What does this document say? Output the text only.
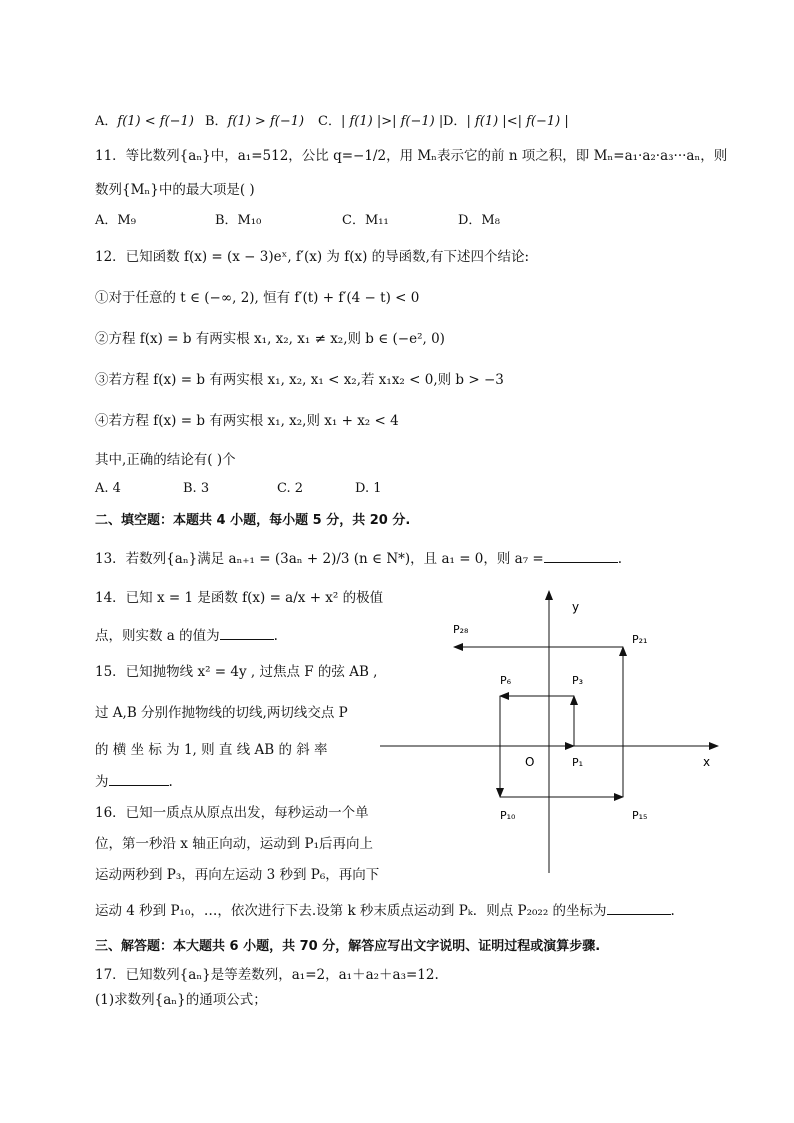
A．f(1) < f(−1) B．f(1) > f(−1) C．| f(1) |>| f(−1) | D．| f(1) |<| f(−1) |
11．等比数列{aₙ}中，a₁=512，公比 q=−1/2，用 Mₙ表示它的前 n 项之积，即 Mₙ=a₁·a₂·a₃···aₙ，则
数列{Mₙ}中的最大项是( )
A．M₉	B．M₁₀	C．M₁₁	D．M₈
12．已知函数 f(x) = (x − 3)eˣ, f′(x) 为 f(x) 的导函数,有下述四个结论:
①对于任意的 t ∈ (−∞, 2), 恒有 f′(t) + f′(4 − t) < 0
②方程 f(x) = b 有两实根 x₁, x₂, x₁ ≠ x₂,则 b ∈ (−e², 0)
③若方程 f(x) = b 有两实根 x₁, x₂, x₁ < x₂,若 x₁x₂ < 0,则 b > −3
④若方程 f(x) = b 有两实根 x₁, x₂,则 x₁ + x₂ < 4
其中,正确的结论有( )个
A. 4	B. 3	C. 2	D. 1
二、填空题：本题共 4 小题，每小题 5 分，共 20 分.
13．若数列{aₙ}满足 aₙ₊₁ = (3aₙ + 2)/3 (n ∈ N*)，且 a₁ = 0，则 a₇ =	.
14．已知 x = 1 是函数 f(x) = a/x + x² 的极值
点，则实数 a 的值为	.
15．已知抛物线 x² = 4y , 过焦点 F 的弦 AB ,
过 A,B 分别作抛物线的切线,两切线交点 P
的 横 坐 标 为 1, 则 直 线 AB 的 斜 率
为	.
16．已知一质点从原点出发，每秒运动一个单
位，第一秒沿 x 轴正向动，运动到 P₁后再向上
运动两秒到 P₃，再向左运动 3 秒到 P₆，再向下
运动 4 秒到 P₁₀，…，依次进行下去.设第 k 秒末质点运动到 Pₖ．则点 P₂₀₂₂ 的坐标为	.
y
x
O	P₁
P₃
P₆
P₁₀	P₁₅
P₂₁
P₂₈
三、解答题：本大题共 6 小题，共 70 分，解答应写出文字说明、证明过程或演算步骤.
17．已知数列{aₙ}是等差数列，a₁=2，a₁＋a₂＋a₃=12.
(1)求数列{aₙ}的通项公式；
